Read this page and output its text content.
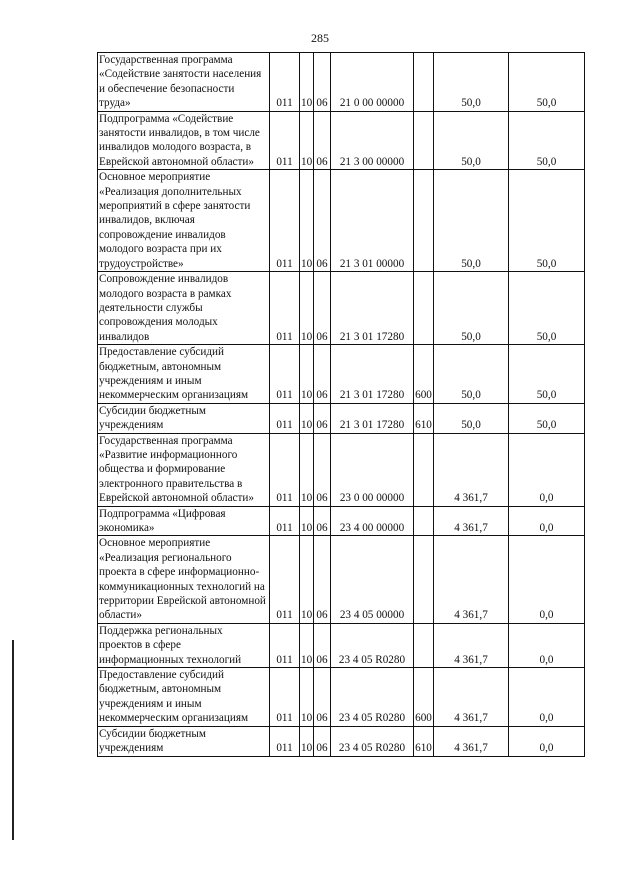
285
Государственная программа «Содействие занятости населения и обеспечение безопасности труда»	011	10	06	21 0 00 00000		50,0	50,0
Подпрограмма «Содействие занятости инвалидов, в том числе инвалидов молодого возраста, в Еврейской автономной области»	011	10	06	21 3 00 00000		50,0	50,0
Основное мероприятие «Реализация дополнительных мероприятий в сфере занятости инвалидов, включая сопровождение инвалидов молодого возраста при их трудоустройстве»	011	10	06	21 3 01 00000		50,0	50,0
Сопровождение инвалидов молодого возраста в рамках деятельности службы сопровождения молодых инвалидов	011	10	06	21 3 01 17280		50,0	50,0
Предоставление субсидий бюджетным, автономным учреждениям и иным некоммерческим организациям	011	10	06	21 3 01 17280	600	50,0	50,0
Субсидии бюджетным учреждениям	011	10	06	21 3 01 17280	610	50,0	50,0
Государственная программа «Развитие информационного общества и формирование электронного правительства в Еврейской автономной области»	011	10	06	23 0 00 00000		4 361,7	0,0
Подпрограмма «Цифровая экономика»	011	10	06	23 4 00 00000		4 361,7	0,0
Основное мероприятие «Реализация регионального проекта в сфере информационно-коммуникационных технологий на территории Еврейской автономной области»	011	10	06	23 4 05 00000		4 361,7	0,0
Поддержка региональных проектов в сфере информационных технологий	011	10	06	23 4 05 R0280		4 361,7	0,0
Предоставление субсидий бюджетным, автономным учреждениям и иным некоммерческим организациям	011	10	06	23 4 05 R0280	600	4 361,7	0,0
Субсидии бюджетным учреждениям	011	10	06	23 4 05 R0280	610	4 361,7	0,0
